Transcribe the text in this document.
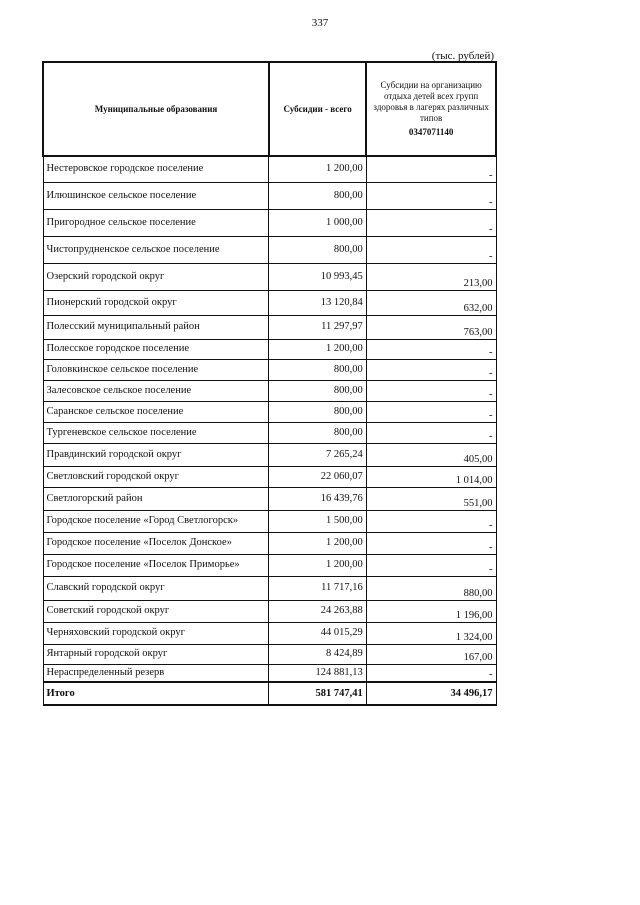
337
(тыс. рублей)
Муниципальные образования	Субсидии - всего	Субсидии на организацию отдыха детей всех групп здоровья в лагерях различных типов
0347071140

Нестеровское городское поселение	1 200,00	-
Илюшинское сельское поселение	800,00	-
Пригородное сельское поселение	1 000,00	-
Чистопрудненское сельское поселение	800,00	-
Озерский городской округ	10 993,45	213,00
Пионерский городской округ	13 120,84	632,00
Полесский муниципальный район	11 297,97	763,00
Полесское городское поселение	1 200,00	-
Головкинское сельское поселение	800,00	-
Залесовское сельское поселение	800,00	-
Саранское сельское поселение	800,00	-
Тургеневское сельское поселение	800,00	-
Правдинский городской округ	7 265,24	405,00
Светловский городской округ	22 060,07	1 014,00
Светлогорский район	16 439,76	551,00
Городское поселение «Город Светлогорск»	1 500,00	-
Городское поселение «Поселок Донское»	1 200,00	-
Городское поселение «Поселок Приморье»	1 200,00	-
Славский городской округ	11 717,16	880,00
Советский городской округ	24 263,88	1 196,00
Черняховский городской округ	44 015,29	1 324,00
Янтарный городской округ	8 424,89	167,00
Нераспределенный резерв	124 881,13	-
Итого	581 747,41	34 496,17
